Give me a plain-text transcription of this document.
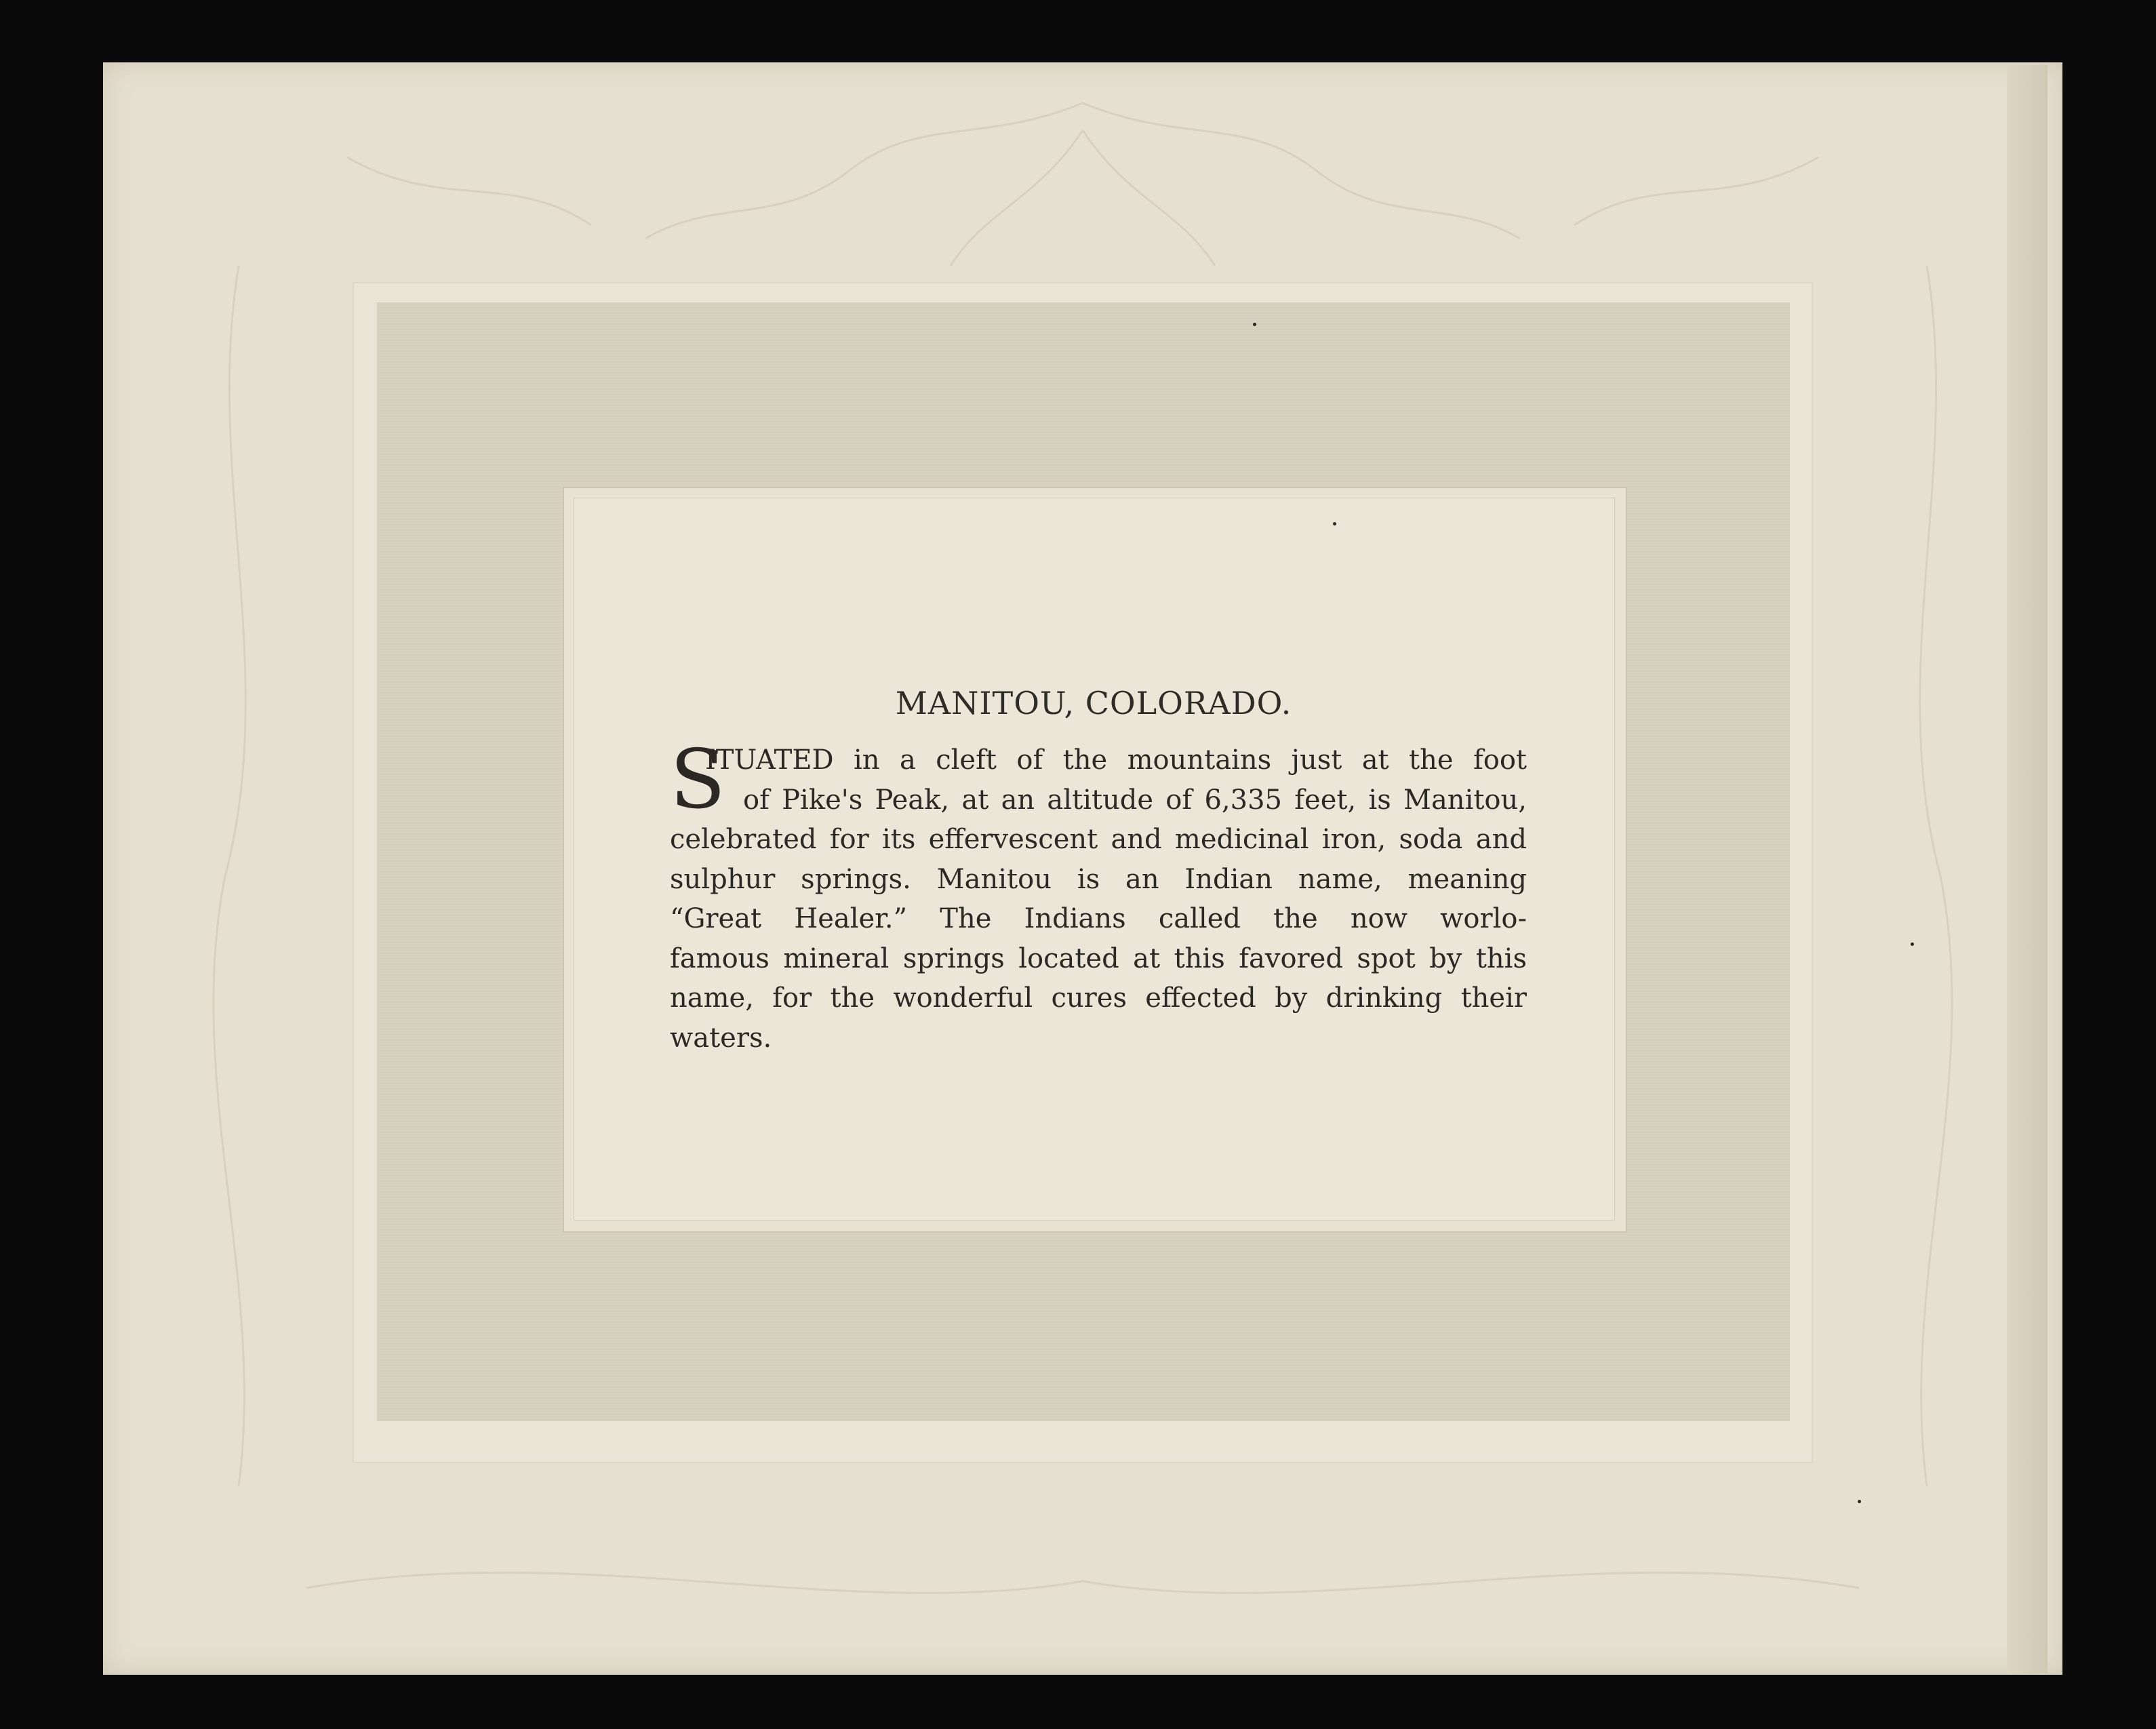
MANITOU, COLORADO.
S
ITUATED in a cleft of the mountains just at the foot
of Pike's Peak, at an altitude of 6,335 feet, is Manitou,
celebrated for its effervescent and medicinal iron, soda and
sulphur springs. Manitou is an Indian name, meaning
“Great Healer.” The Indians called the now worlo-
famous mineral springs located at this favored spot by this
name, for the wonderful cures effected by drinking their
waters.
